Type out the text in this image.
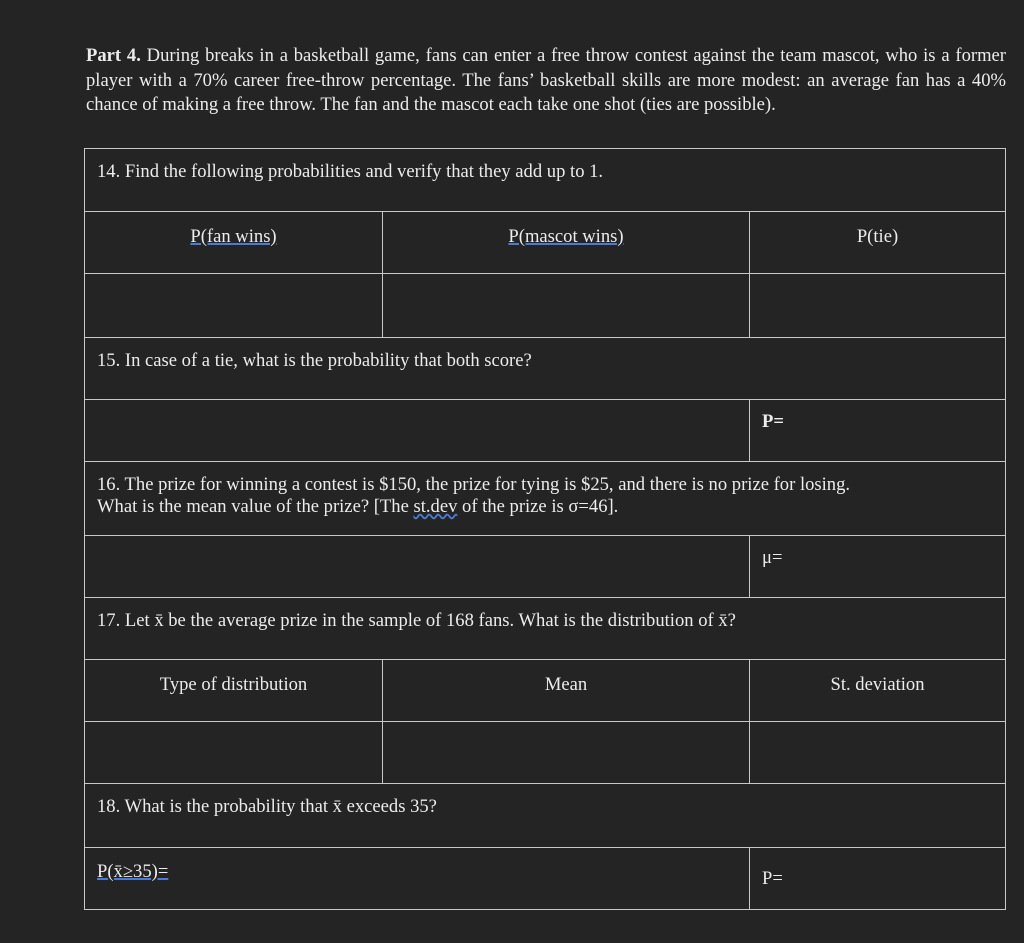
Part 4. During breaks in a basketball game, fans can enter a free throw contest against the team mascot, who is a former player with a 70% career free-throw percentage. The fans’ basketball skills are more modest: an average fan has a 40% chance of making a free throw. The fan and the mascot each take one shot (ties are possible).

14. Find the following probabilities and verify that they add up to 1.
P(fan wins)	P(mascot wins)	P(tie)
15. In case of a tie, what is the probability that both score?
P=
16. The prize for winning a contest is $150, the prize for tying is $25, and there is no prize for losing.
What is the mean value of the prize? [The st.dev of the prize is σ=46].
μ=
17. Let x̄ be the average prize in the sample of 168 fans. What is the distribution of x̄?
Type of distribution	Mean	St. deviation
18. What is the probability that x̄ exceeds 35?
P(x̄≥35)=	P=
